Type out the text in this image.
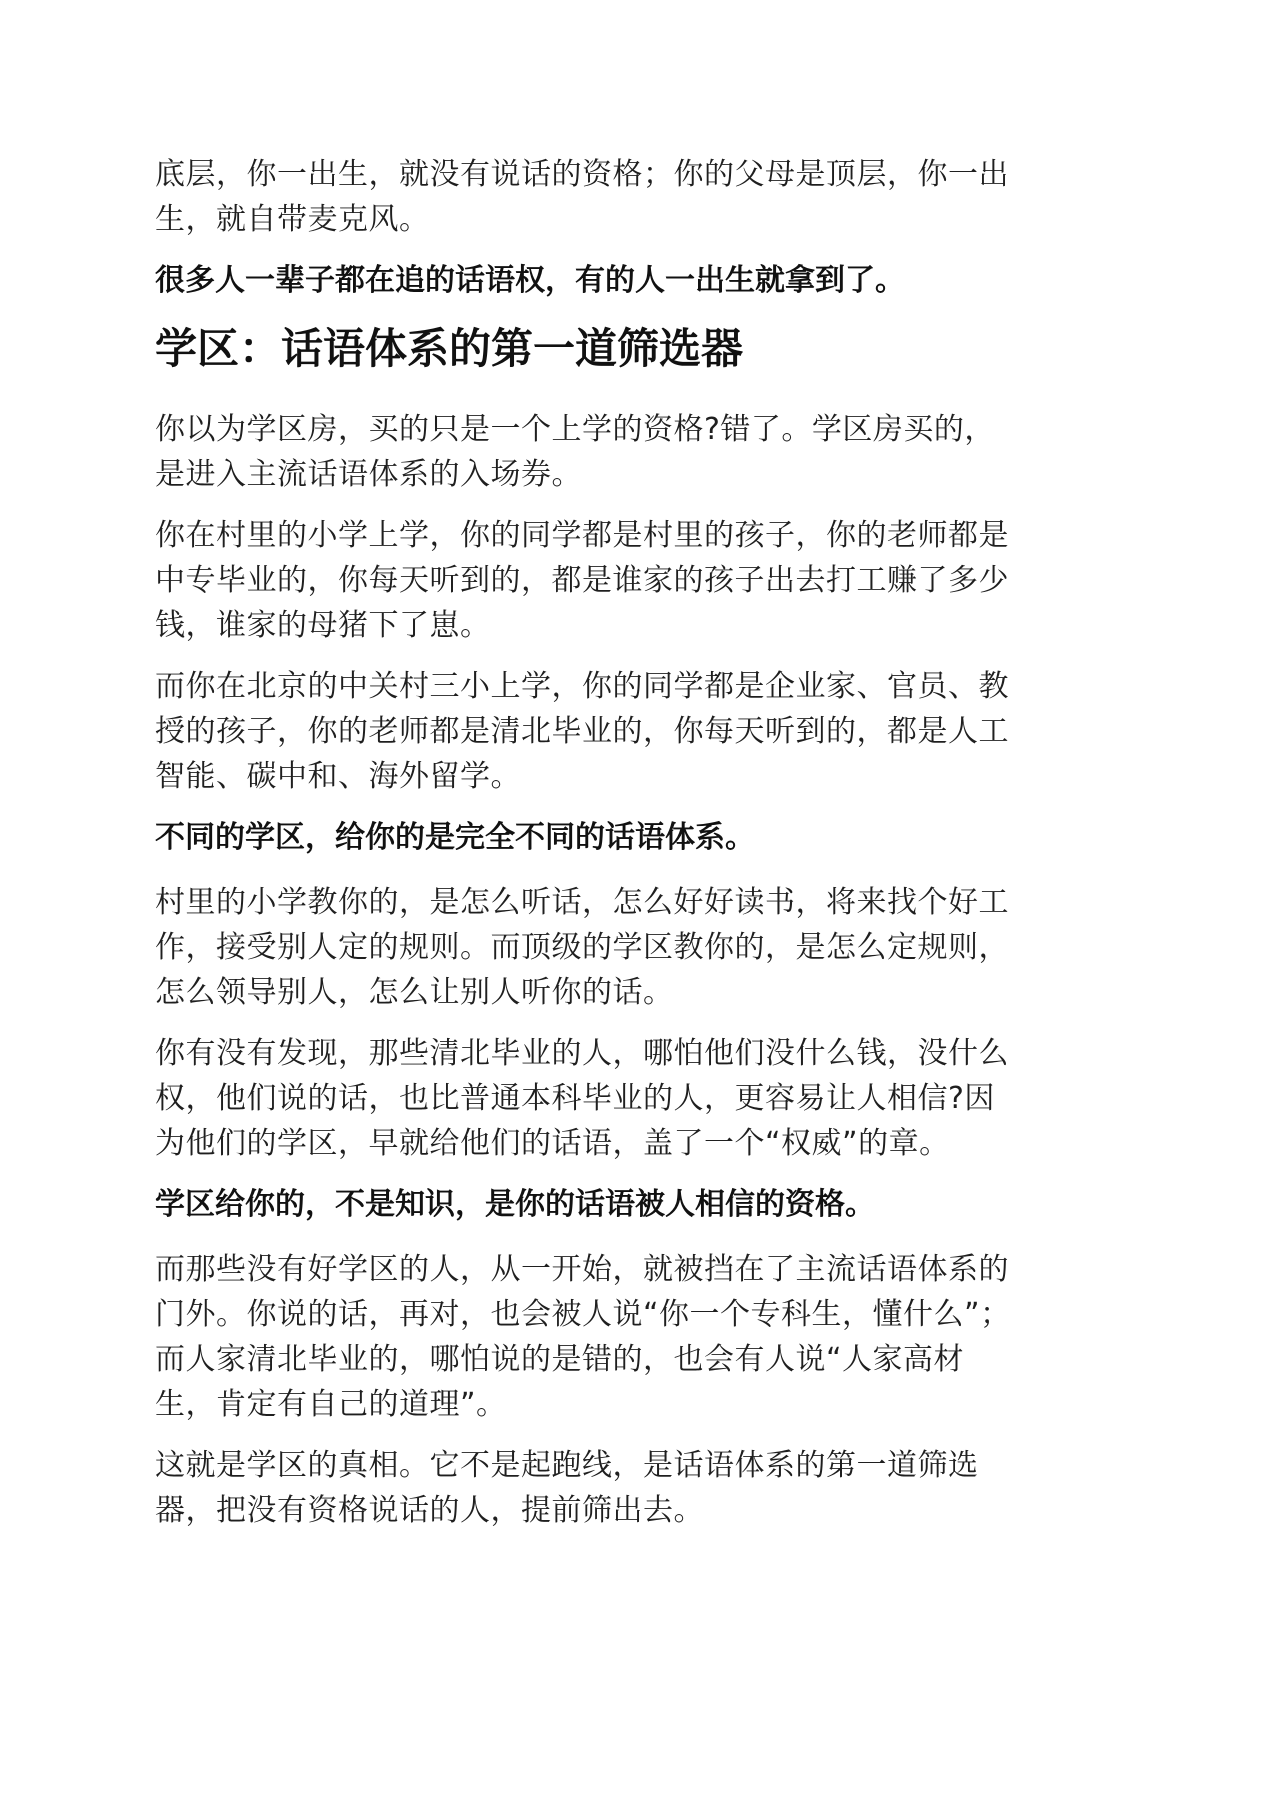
底层，你一出生，就没有说话的资格；你的父母是顶层，你一出
生，就自带麦克风。

很多人一辈子都在追的话语权，有的人一出生就拿到了。

学区：话语体系的第一道筛选器

你以为学区房，买的只是一个上学的资格?错了。学区房买的，
是进入主流话语体系的入场券。

你在村里的小学上学，你的同学都是村里的孩子，你的老师都是
中专毕业的，你每天听到的，都是谁家的孩子出去打工赚了多少
钱，谁家的母猪下了崽。

而你在北京的中关村三小上学，你的同学都是企业家、官员、教
授的孩子，你的老师都是清北毕业的，你每天听到的，都是人工
智能、碳中和、海外留学。

不同的学区，给你的是完全不同的话语体系。

村里的小学教你的，是怎么听话，怎么好好读书，将来找个好工
作，接受别人定的规则。而顶级的学区教你的，是怎么定规则，
怎么领导别人，怎么让别人听你的话。

你有没有发现，那些清北毕业的人，哪怕他们没什么钱，没什么
权，他们说的话，也比普通本科毕业的人，更容易让人相信?因
为他们的学区，早就给他们的话语，盖了一个“权威”的章。

学区给你的，不是知识，是你的话语被人相信的资格。

而那些没有好学区的人，从一开始，就被挡在了主流话语体系的
门外。你说的话，再对，也会被人说“你一个专科生，懂什么”；
而人家清北毕业的，哪怕说的是错的，也会有人说“人家高材
生，肯定有自己的道理”。

这就是学区的真相。它不是起跑线，是话语体系的第一道筛选
器，把没有资格说话的人，提前筛出去。
